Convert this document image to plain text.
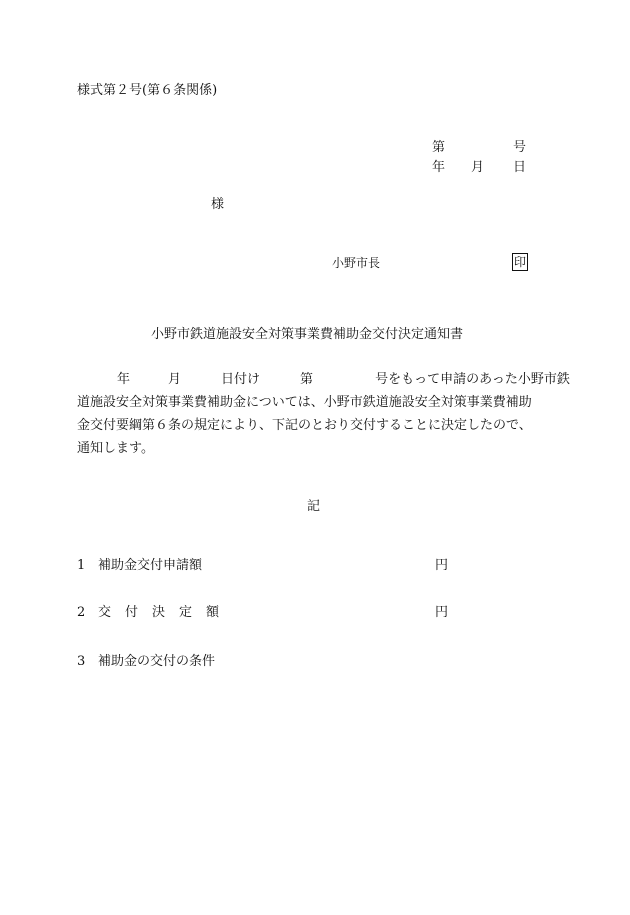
様式第２号(第６条関係)
第	号
年 月 日
様
小野市長	印
小野市鉄道施設安全対策事業費補助金交付決定通知書
年	月	日付け	第	号をもって申請のあった小野市鉄
道施設安全対策事業費補助金については、小野市鉄道施設安全対策事業費補助
金交付要綱第６条の規定により、下記のとおり交付することに決定したので、
通知します。
記
1 補助金交付申請額	円
2 交付決定額	円
3 補助金の交付の条件
